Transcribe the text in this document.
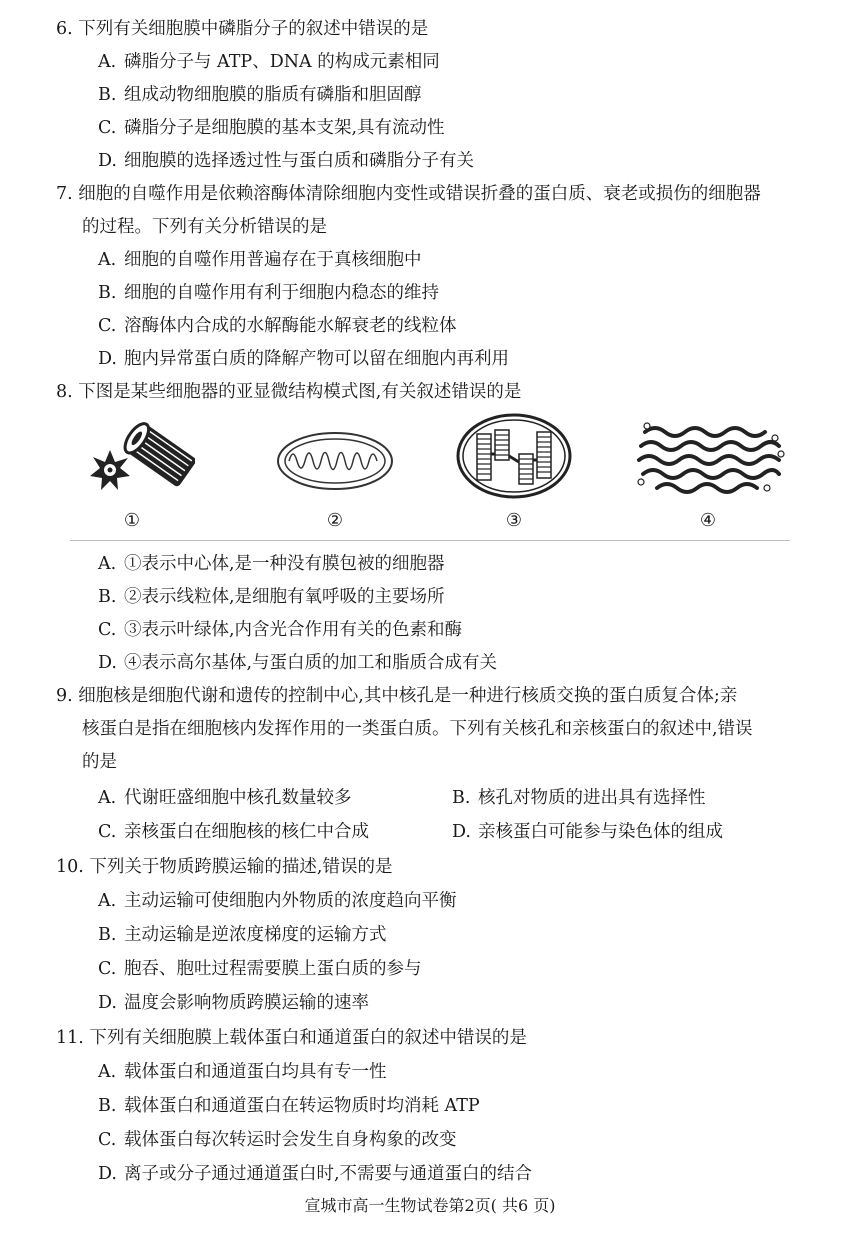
6. 下列有关细胞膜中磷脂分子的叙述中错误的是
A. 磷脂分子与 ATP、DNA 的构成元素相同
B. 组成动物细胞膜的脂质有磷脂和胆固醇
C. 磷脂分子是细胞膜的基本支架,具有流动性
D. 细胞膜的选择透过性与蛋白质和磷脂分子有关
7. 细胞的自噬作用是依赖溶酶体清除细胞内变性或错误折叠的蛋白质、衰老或损伤的细胞器
的过程。下列有关分析错误的是
A. 细胞的自噬作用普遍存在于真核细胞中
B. 细胞的自噬作用有利于细胞内稳态的维持
C. 溶酶体内合成的水解酶能水解衰老的线粒体
D. 胞内异常蛋白质的降解产物可以留在细胞内再利用
8. 下图是某些细胞器的亚显微结构模式图,有关叙述错误的是
①	②	③	④
A. ①表示中心体,是一种没有膜包被的细胞器
B. ②表示线粒体,是细胞有氧呼吸的主要场所
C. ③表示叶绿体,内含光合作用有关的色素和酶
D. ④表示高尔基体,与蛋白质的加工和脂质合成有关
9. 细胞核是细胞代谢和遗传的控制中心,其中核孔是一种进行核质交换的蛋白质复合体;亲
核蛋白是指在细胞核内发挥作用的一类蛋白质。下列有关核孔和亲核蛋白的叙述中,错误
的是
A. 代谢旺盛细胞中核孔数量较多	B. 核孔对物质的进出具有选择性
C. 亲核蛋白在细胞核的核仁中合成	D. 亲核蛋白可能参与染色体的组成
10. 下列关于物质跨膜运输的描述,错误的是
A. 主动运输可使细胞内外物质的浓度趋向平衡
B. 主动运输是逆浓度梯度的运输方式
C. 胞吞、胞吐过程需要膜上蛋白质的参与
D. 温度会影响物质跨膜运输的速率
11. 下列有关细胞膜上载体蛋白和通道蛋白的叙述中错误的是
A. 载体蛋白和通道蛋白均具有专一性
B. 载体蛋白和通道蛋白在转运物质时均消耗 ATP
C. 载体蛋白每次转运时会发生自身构象的改变
D. 离子或分子通过通道蛋白时,不需要与通道蛋白的结合
宣城市高一生物试卷第2页( 共6 页)
